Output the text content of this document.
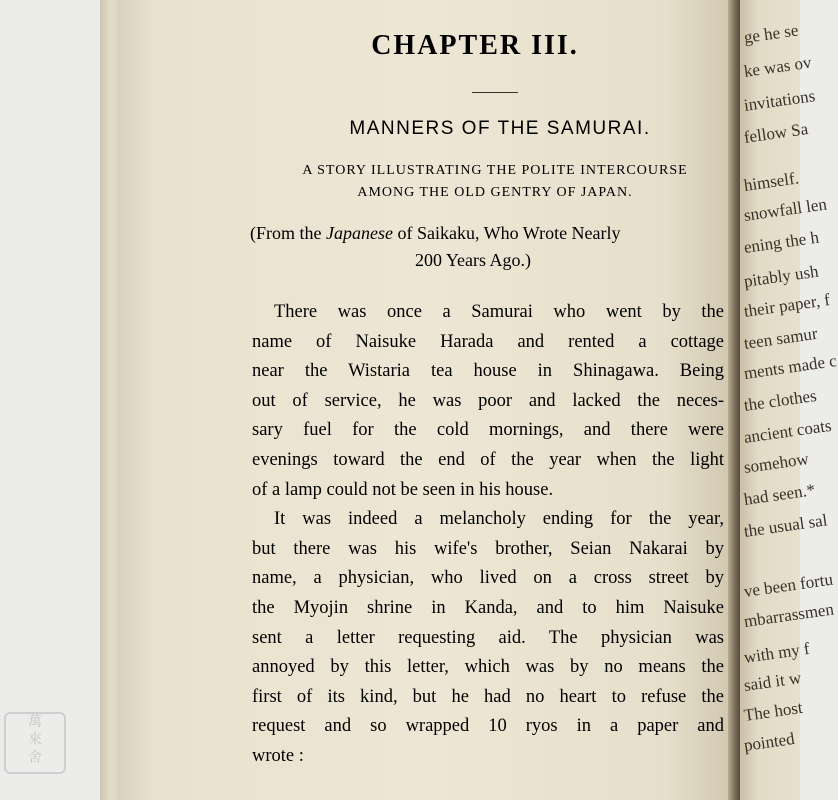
CHAPTER III.
MANNERS OF THE SAMURAI.
A STORY ILLUSTRATING THE POLITE INTERCOURSE
AMONG THE OLD GENTRY OF JAPAN.
(From the Japanese of Saikaku, Who Wrote Nearly
200 Years Ago.)
There was once a Samurai who went by the
name of Naisuke Harada and rented a cottage
near the Wistaria tea house in Shinagawa. Being
out of service, he was poor and lacked the neces-
sary fuel for the cold mornings, and there were
evenings toward the end of the year when the light
of a lamp could not be seen in his house.
It was indeed a melancholy ending for the year,
but there was his wife's brother, Seian Nakarai by
name, a physician, who lived on a cross street by
the Myojin shrine in Kanda, and to him Naisuke
sent a letter requesting aid. The physician was
annoyed by this letter, which was by no means the
first of its kind, but he had no heart to refuse the
request and so wrapped 10 ryos in a paper and
wrote :
ge he se
ke was ov
invitations
fellow Sa
himself.
snowfall len
ening the h
pitably ush
their paper, f
teen samur
ments made c
the clothes
ancient coats
somehow
had seen.*
the usual sal
ve been fortu
mbarrassmen
with my f
said it w
The host
pointed
萬
來
舍
